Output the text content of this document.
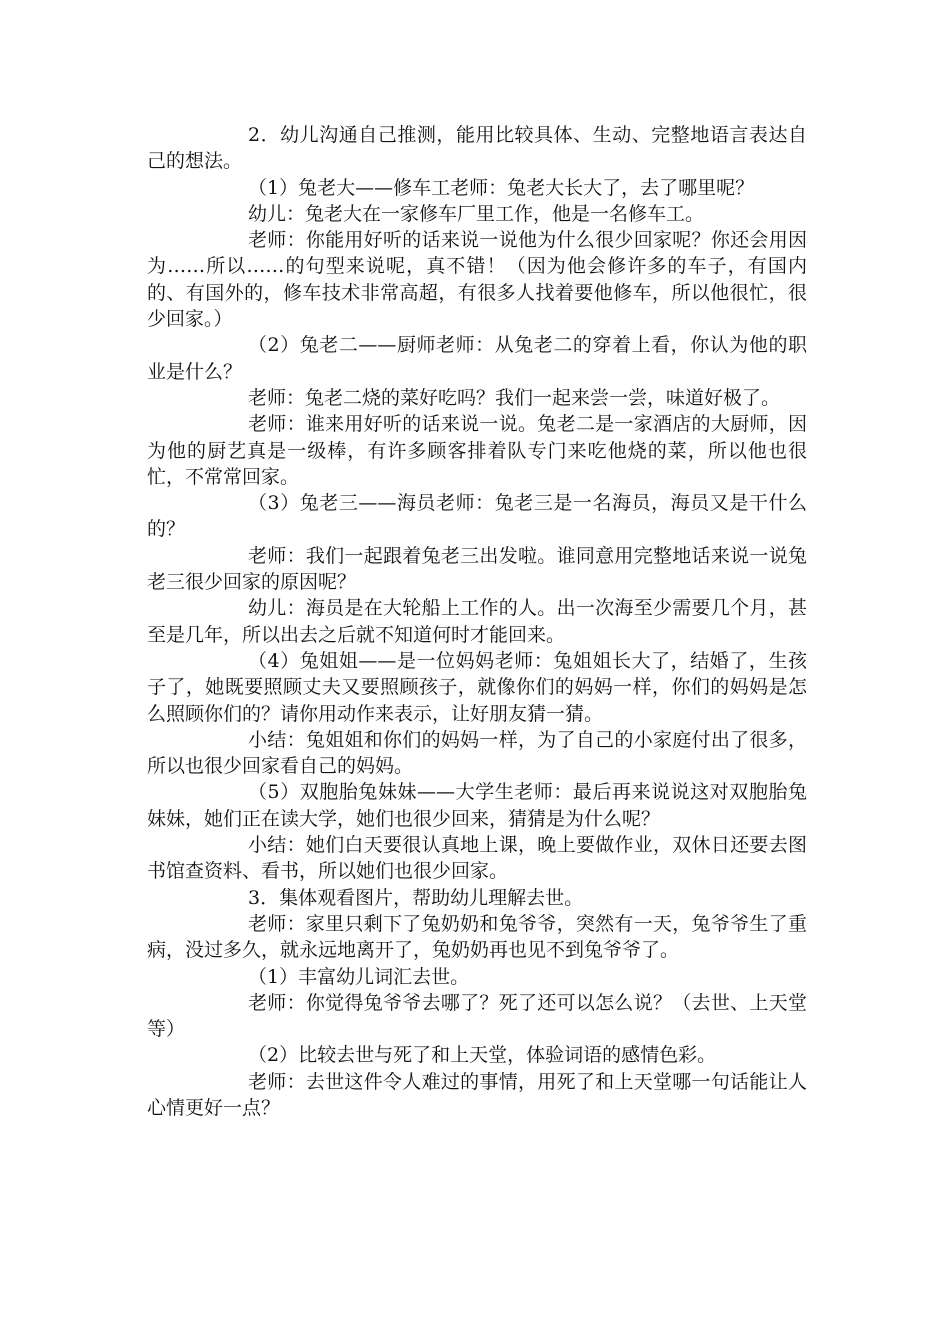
2．幼儿沟通自己推测，能用比较具体、生动、完整地语言表达自己的想法。

（1）兔老大——修车工老师：兔老大长大了，去了哪里呢？

幼儿：兔老大在一家修车厂里工作，他是一名修车工。

老师：你能用好听的话来说一说他为什么很少回家呢？你还会用因为……所以……的句型来说呢，真不错！（因为他会修许多的车子，有国内的、有国外的，修车技术非常高超，有很多人找着要他修车，所以他很忙，很少回家。）

（2）兔老二——厨师老师：从兔老二的穿着上看，你认为他的职业是什么？

老师：兔老二烧的菜好吃吗？我们一起来尝一尝，味道好极了。

老师：谁来用好听的话来说一说。兔老二是一家酒店的大厨师，因为他的厨艺真是一级棒，有许多顾客排着队专门来吃他烧的菜，所以他也很忙，不常常回家。

（3）兔老三——海员老师：兔老三是一名海员，海员又是干什么的？

老师：我们一起跟着兔老三出发啦。谁同意用完整地话来说一说兔老三很少回家的原因呢？

幼儿：海员是在大轮船上工作的人。出一次海至少需要几个月，甚至是几年，所以出去之后就不知道何时才能回来。

（4）兔姐姐——是一位妈妈老师：兔姐姐长大了，结婚了，生孩子了，她既要照顾丈夫又要照顾孩子，就像你们的妈妈一样，你们的妈妈是怎么照顾你们的？请你用动作来表示，让好朋友猜一猜。

小结：兔姐姐和你们的妈妈一样，为了自己的小家庭付出了很多，所以也很少回家看自己的妈妈。

（5）双胞胎兔妹妹——大学生老师：最后再来说说这对双胞胎兔妹妹，她们正在读大学，她们也很少回来，猜猜是为什么呢？

小结：她们白天要很认真地上课，晚上要做作业，双休日还要去图书馆查资料、看书，所以她们也很少回家。

3．集体观看图片，帮助幼儿理解去世。

老师：家里只剩下了兔奶奶和兔爷爷，突然有一天，兔爷爷生了重病，没过多久，就永远地离开了，兔奶奶再也见不到兔爷爷了。

（1）丰富幼儿词汇去世。

老师：你觉得兔爷爷去哪了？死了还可以怎么说？（去世、上天堂等）

（2）比较去世与死了和上天堂，体验词语的感情色彩。

老师：去世这件令人难过的事情，用死了和上天堂哪一句话能让人心情更好一点？
